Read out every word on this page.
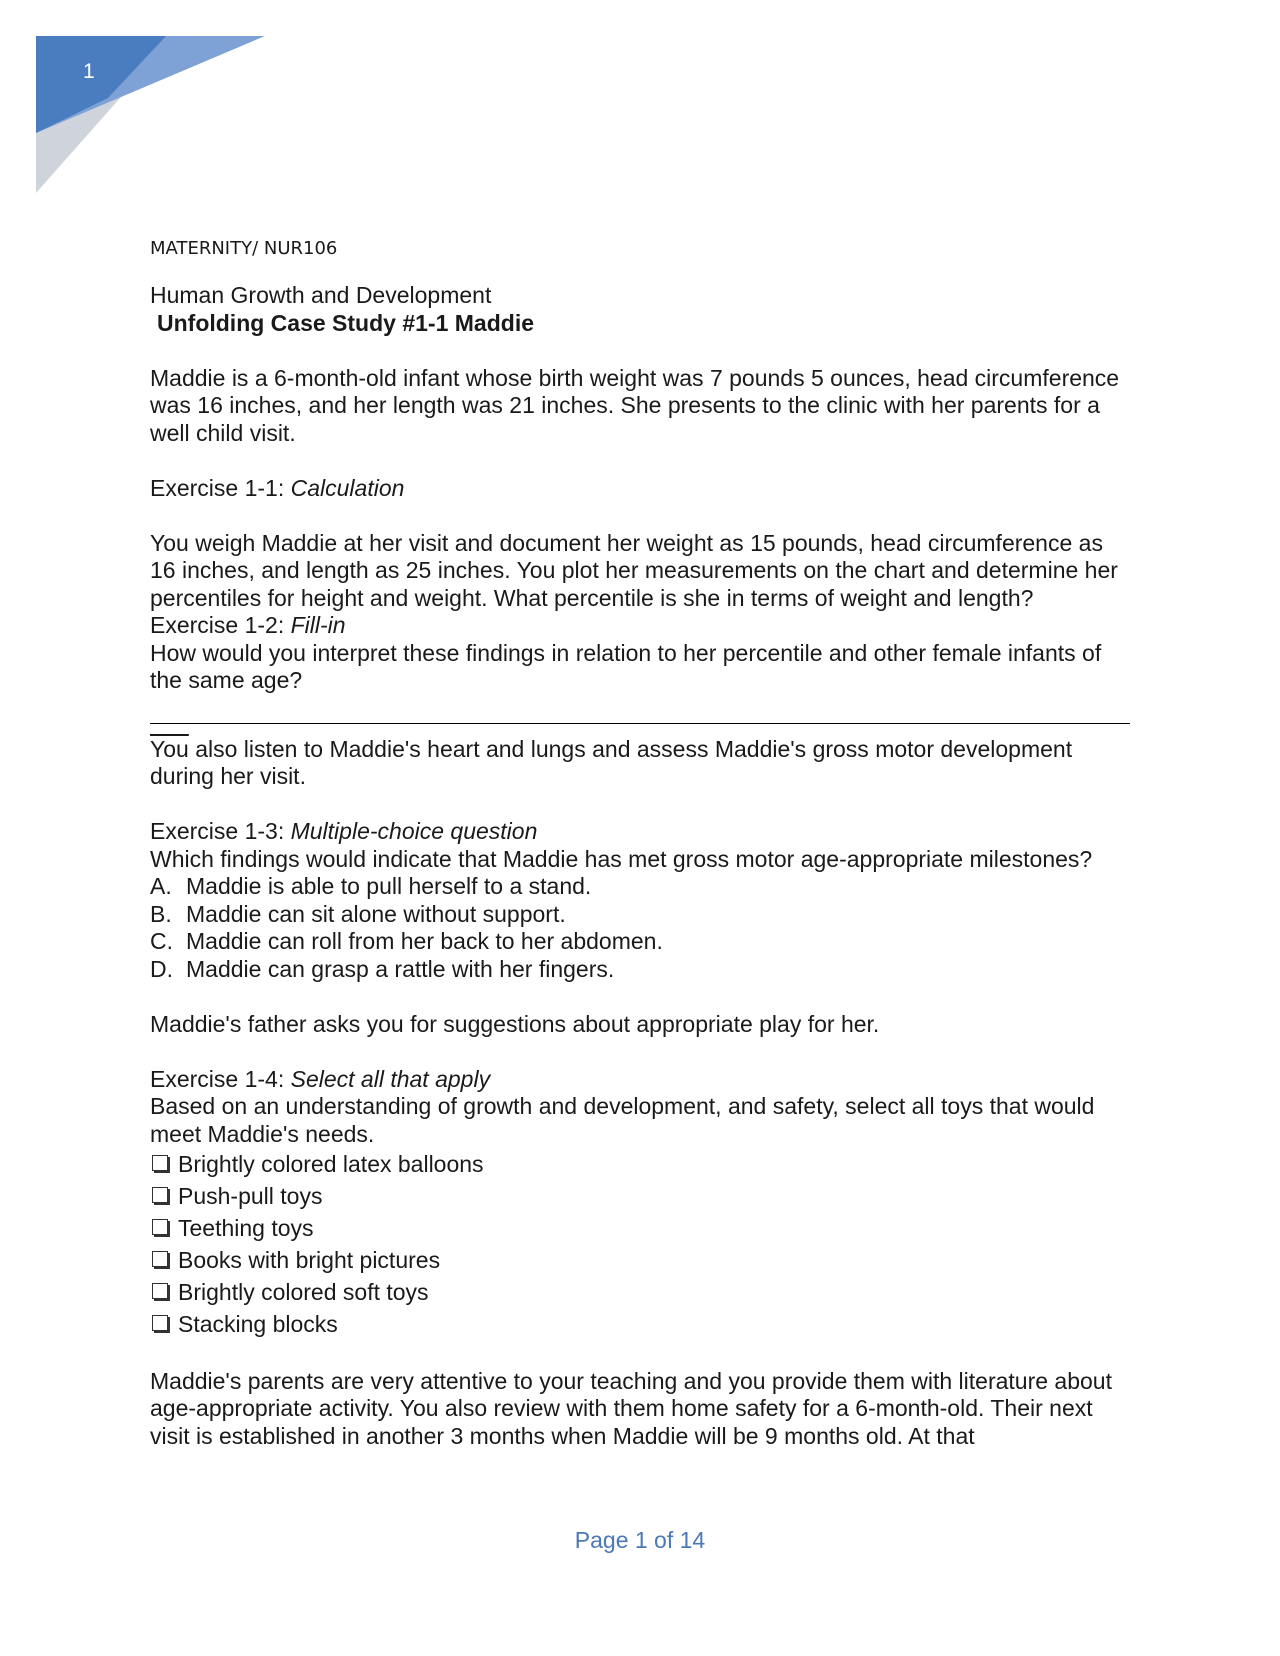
1
MATERNITY/ NUR106

Human Growth and Development

Unfolding Case Study #1-1 Maddie

Maddie is a 6-month-old infant whose birth weight was 7 pounds 5 ounces, head circumference was 16 inches, and her length was 21 inches. She presents to the clinic with her parents for a well child visit.

Exercise 1-1: Calculation

You weigh Maddie at her visit and document her weight as 15 pounds, head circumference as 16 inches, and length as 25 inches. You plot her measurements on the chart and determine her percentiles for height and weight. What percentile is she in terms of weight and length?

Exercise 1-2: Fill-in

How would you interpret these findings in relation to her percentile and other female infants of the same age?

$\overline{You}$ also listen to Maddie's heart and lungs and assess Maddie's gross motor development during her visit.

Exercise 1-3: Multiple-choice question

Which findings would indicate that Maddie has met gross motor age-appropriate milestones?

A. Maddie is able to pull herself to a stand.

B. Maddie can sit alone without support.

C. Maddie can roll from her back to her abdomen.

D. Maddie can grasp a rattle with her fingers.

Maddie's father asks you for suggestions about appropriate play for her.

Exercise 1-4: Select all that apply

Based on an understanding of growth and development, and safety, select all toys that would meet Maddie's needs.

Brightly colored latex balloons
Push-pull toys
Teething toys
Books with bright pictures
Brightly colored soft toys
Stacking blocks

Maddie's parents are very attentive to your teaching and you provide them with literature about age-appropriate activity. You also review with them home safety for a 6-month-old. Their next visit is established in another 3 months when Maddie will be 9 months old. At that

Page 1 of 14
